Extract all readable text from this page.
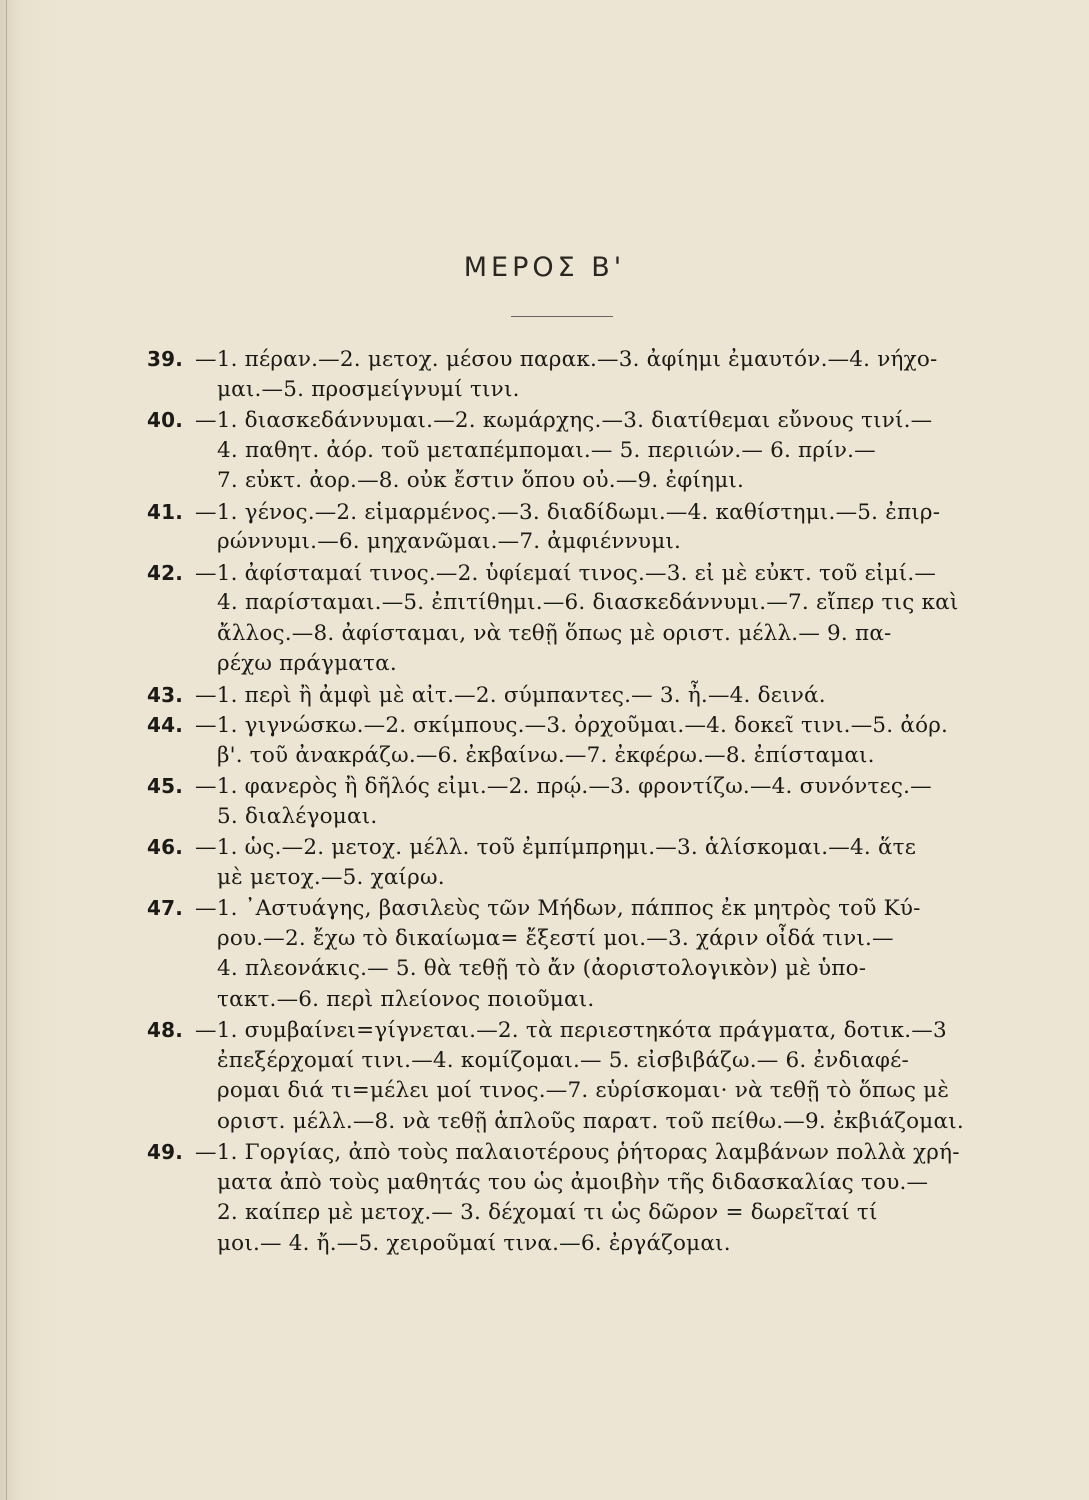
ΜΕΡΟΣ Β'
39. —1. πέραν.—2. μετοχ. μέσου παρακ.—3. ἀφίημι ἐμαυτόν.—4. νήχο-
μαι.—5. προσμείγνυμί τινι.
40. —1. διασκεδάννυμαι.—2. κωμάρχης.—3. διατίθεμαι εὔνους τινί.—
4. παθητ. ἀόρ. τοῦ μεταπέμπομαι.— 5. περιιών.— 6. πρίν.—
7. εὐκτ. ἀορ.—8. οὐκ ἔστιν ὅπου οὐ.—9. ἐφίημι.
41. —1. γένος.—2. εἱμαρμένος.—3. διαδίδωμι.—4. καθίστημι.—5. ἐπιρ-
ρώννυμι.—6. μηχανῶμαι.—7. ἀμφιέννυμι.
42. —1. ἀφίσταμαί τινος.—2. ὑφίεμαί τινος.—3. εἰ μὲ εὐκτ. τοῦ εἰμί.—
4. παρίσταμαι.—5. ἐπιτίθημι.—6. διασκεδάννυμι.—7. εἴπερ τις καὶ
ἄλλος.—8. ἀφίσταμαι, νὰ τεθῇ ὅπως μὲ οριστ. μέλλ.— 9. πα-
ρέχω πράγματα.
43. —1. περὶ ἢ ἀμφὶ μὲ αἰτ.—2. σύμπαντες.— 3. ἦ.—4. δεινά.
44. —1. γιγνώσκω.—2. σκίμπους.—3. ὀρχοῦμαι.—4. δοκεῖ τινι.—5. ἀόρ.
β'. τοῦ ἀνακράζω.—6. ἐκβαίνω.—7. ἐκφέρω.—8. ἐπίσταμαι.
45. —1. φανερὸς ἢ δῆλός εἰμι.—2. πρῴ.—3. φροντίζω.—4. συνόντες.—
5. διαλέγομαι.
46. —1. ὡς.—2. μετοχ. μέλλ. τοῦ ἐμπίμπρημι.—3. ἁλίσκομαι.—4. ἅτε
μὲ μετοχ.—5. χαίρω.
47. —1. ᾿Αστυάγης, βασιλεὺς τῶν Μήδων, πάππος ἐκ μητρὸς τοῦ Κύ-
ρου.—2. ἔχω τὸ δικαίωμα= ἔξεστί μοι.—3. χάριν οἶδά τινι.—
4. πλεονάκις.— 5. θὰ τεθῇ τὸ ἄν (ἀοριστολογικὸν) μὲ ὑπο-
τακτ.—6. περὶ πλείονος ποιοῦμαι.
48. —1. συμβαίνει=γίγνεται.—2. τὰ περιεστηκότα πράγματα, δοτικ.—3
ἐπεξέρχομαί τινι.—4. κομίζομαι.— 5. εἰσβιβάζω.— 6. ἐνδιαφέ-
ρομαι διά τι=μέλει μοί τινος.—7. εὑρίσκομαι· νὰ τεθῇ τὸ ὅπως μὲ
οριστ. μέλλ.—8. νὰ τεθῇ ἁπλοῦς παρατ. τοῦ πείθω.—9. ἐκβιάζομαι.
49. —1. Γοργίας, ἀπὸ τοὺς παλαιοτέρους ῥήτορας λαμβάνων πολλὰ χρή-
ματα ἀπὸ τοὺς μαθητάς του ὡς ἀμοιβὴν τῆς διδασκαλίας του.—
2. καίπερ μὲ μετοχ.— 3. δέχομαί τι ὡς δῶρον = δωρεῖταί τί
μοι.— 4. ἤ.—5. χειροῦμαί τινα.—6. ἐργάζομαι.
